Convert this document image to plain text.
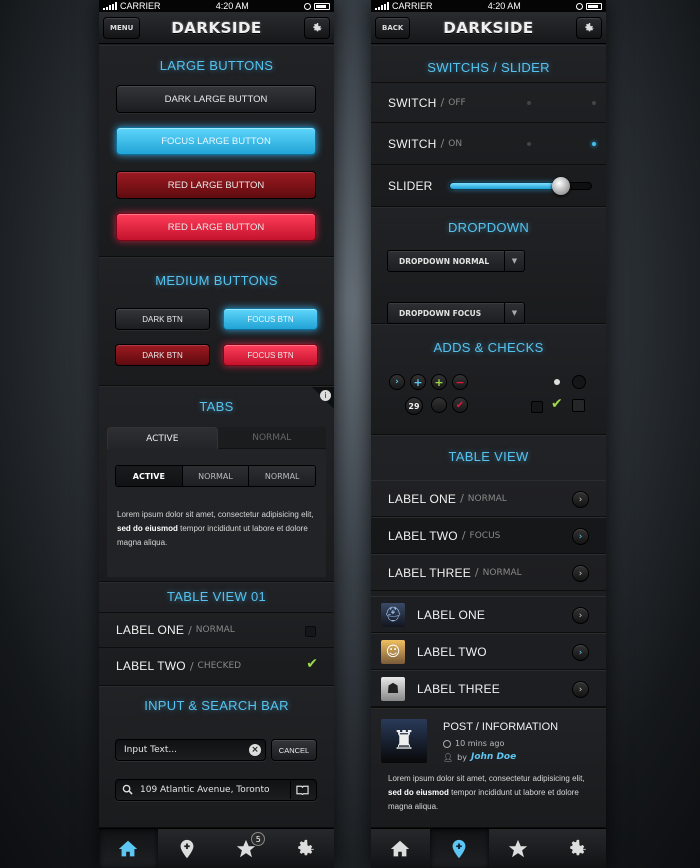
CARRIER	4:20 AM
MENU	DARKSIDE
LARGE BUTTONS
DARK LARGE BUTTON
FOCUS LARGE BUTTON
RED LARGE BUTTON
RED LARGE BUTTON
MEDIUM BUTTONS
DARK BTN	FOCUS BTN
DARK BTN	FOCUS BTN
i
TABS
ACTIVE	NORMAL
ACTIVE	NORMAL	NORMAL
Lorem ipsum dolor sit amet, consectetur adipisicing elit, sed do eiusmod tempor incididunt ut labore et dolore magna aliqua.
TABLE VIEW 01
LABEL ONE / NORMAL
LABEL TWO / CHECKED	✔
INPUT & SEARCH BAR
Input Text...	×	CANCEL
109 Atlantic Avenue, Toronto
5
CARRIER	4:20 AM
BACK	DARKSIDE
SWITCHS / SLIDER
SWITCH / OFF
SWITCH / ON
SLIDER
DROPDOWN
DROPDOWN NORMAL	▼
DROPDOWN FOCUS	▼
ADDS & CHECKS
›	+	+	−
29	✔	✔
TABLE VIEW
LABEL ONE / NORMAL	›
LABEL TWO / FOCUS	›
LABEL THREE / NORMAL	›
⛑ LABEL ONE	›
☺	LABEL TWO	›
☗	LABEL THREE	›
♜	POST / INFORMATION
10 mins ago
👤︎ by John Doe
Lorem ipsum dolor sit amet, consectetur adipisicing elit, sed do eiusmod tempor incididunt ut labore et dolore magna aliqua.
